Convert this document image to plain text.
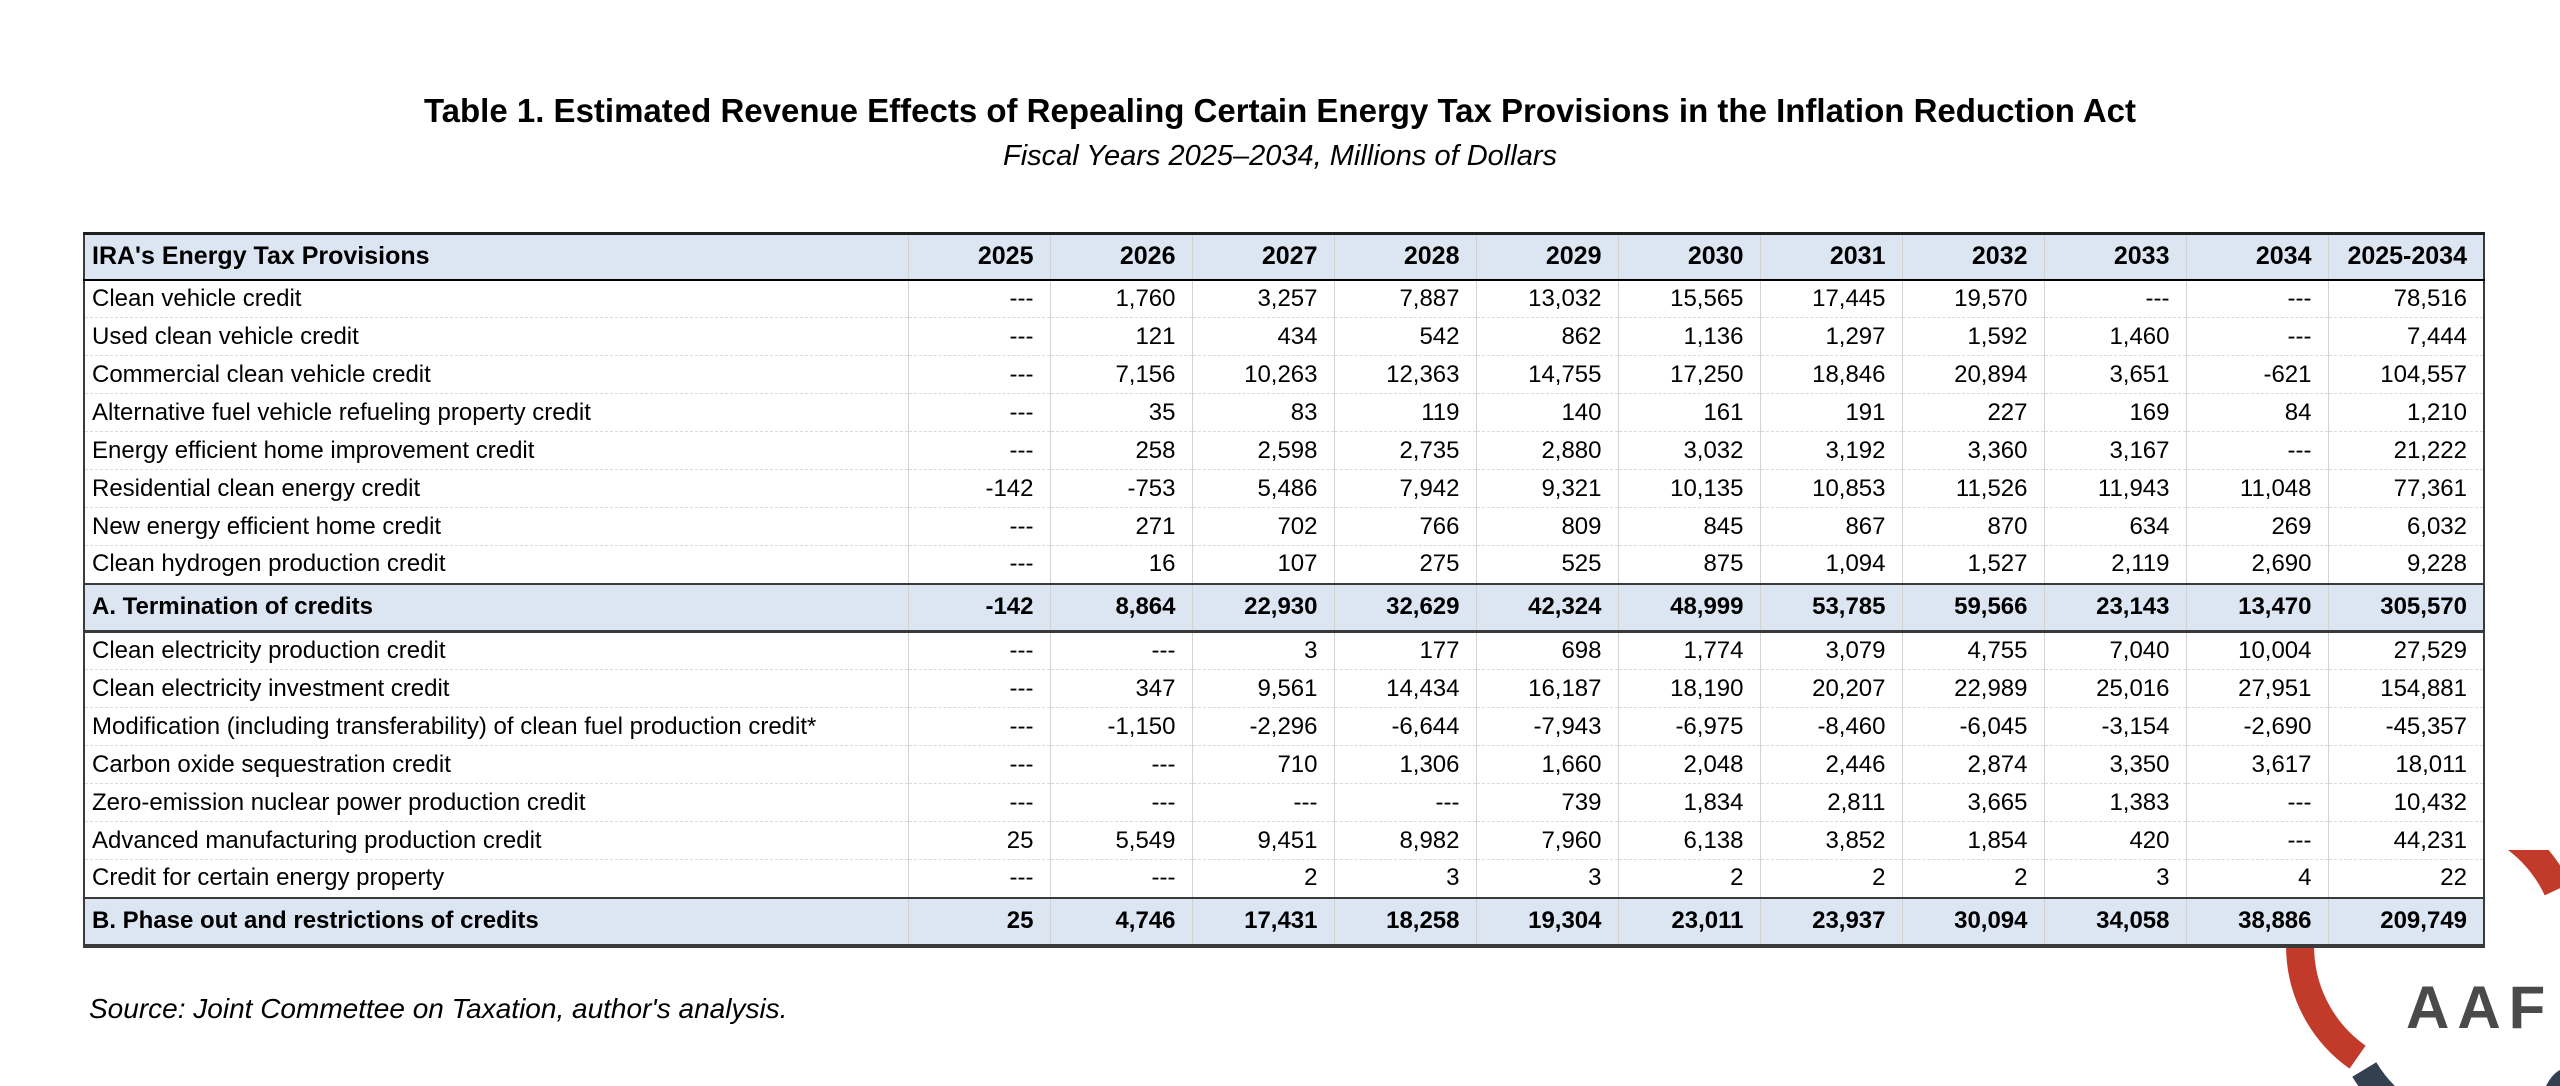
Table 1. Estimated Revenue Effects of Repealing Certain Energy Tax Provisions in the Inflation Reduction Act
Fiscal Years 2025–2034, Millions of Dollars
IRA's Energy Tax Provisions	2025	2026	2027	2028	2029	2030	2031	2032	2033	2034	2025-2034
Clean vehicle credit	---	1,760	3,257	7,887	13,032	15,565	17,445	19,570	---	---	78,516
Used clean vehicle credit	---	121	434	542	862	1,136	1,297	1,592	1,460	---	7,444
Commercial clean vehicle credit	---	7,156	10,263	12,363	14,755	17,250	18,846	20,894	3,651	-621	104,557
Alternative fuel vehicle refueling property credit	---	35	83	119	140	161	191	227	169	84	1,210
Energy efficient home improvement credit	---	258	2,598	2,735	2,880	3,032	3,192	3,360	3,167	---	21,222
Residential clean energy credit	-142	-753	5,486	7,942	9,321	10,135	10,853	11,526	11,943	11,048	77,361
New energy efficient home credit	---	271	702	766	809	845	867	870	634	269	6,032
Clean hydrogen production credit	---	16	107	275	525	875	1,094	1,527	2,119	2,690	9,228
A. Termination of credits	-142	8,864	22,930	32,629	42,324	48,999	53,785	59,566	23,143	13,470	305,570
Clean electricity production credit	---	---	3	177	698	1,774	3,079	4,755	7,040	10,004	27,529
Clean electricity investment credit	---	347	9,561	14,434	16,187	18,190	20,207	22,989	25,016	27,951	154,881
Modification (including transferability) of clean fuel production credit*	---	-1,150	-2,296	-6,644	-7,943	-6,975	-8,460	-6,045	-3,154	-2,690	-45,357
Carbon oxide sequestration credit	---	---	710	1,306	1,660	2,048	2,446	2,874	3,350	3,617	18,011
Zero-emission nuclear power production credit	---	---	---	---	739	1,834	2,811	3,665	1,383	---	10,432
Advanced manufacturing production credit	25	5,549	9,451	8,982	7,960	6,138	3,852	1,854	420	---	44,231
Credit for certain energy property	---	---	2	3	3	2	2	2	3	4	22
B. Phase out and restrictions of credits	25	4,746	17,431	18,258	19,304	23,011	23,937	30,094	34,058	38,886	209,749
Source: Joint Commettee on Taxation, author's analysis.	AAF
